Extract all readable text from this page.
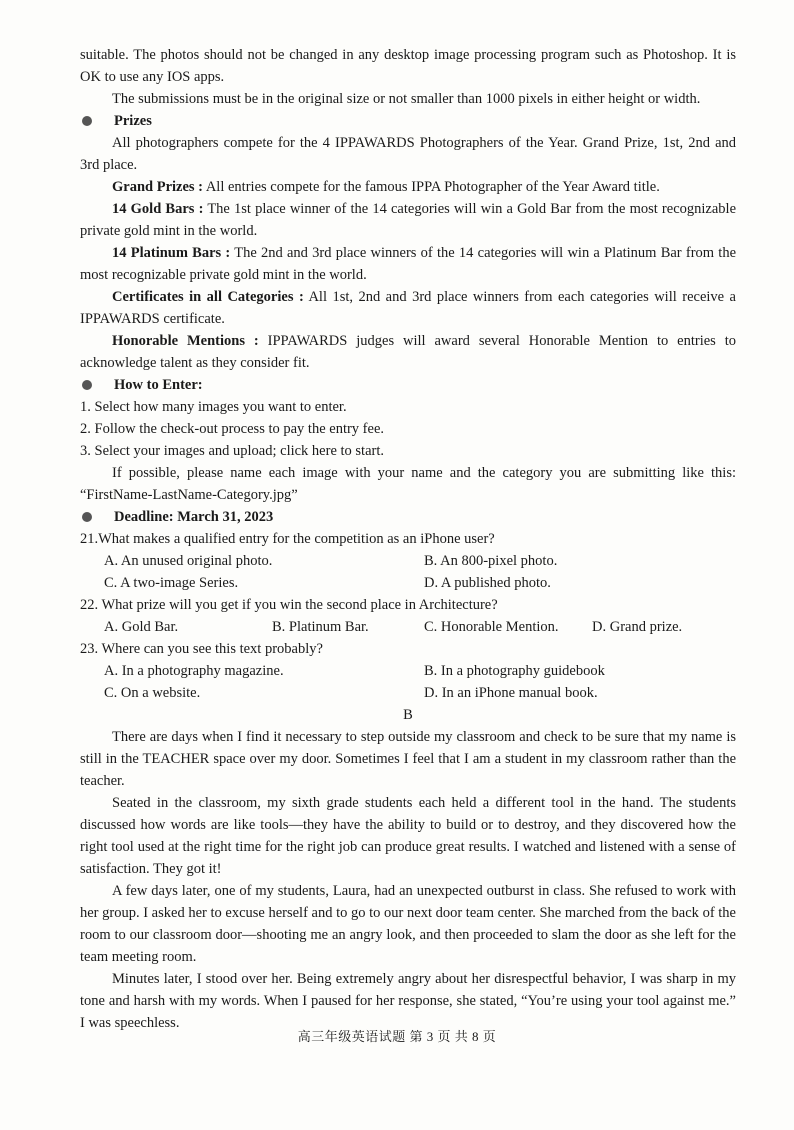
suitable. The photos should not be changed in any desktop image processing program such as Photoshop. It is OK to use any IOS apps.

The submissions must be in the original size or not smaller than 1000 pixels in either height or width.

Prizes

All photographers compete for the 4 IPPAWARDS Photographers of the Year. Grand Prize, 1st, 2nd and 3rd place.

Grand Prizes : All entries compete for the famous IPPA Photographer of the Year Award title.

14 Gold Bars : The 1st place winner of the 14 categories will win a Gold Bar from the most recognizable private gold mint in the world.

14 Platinum Bars : The 2nd and 3rd place winners of the 14 categories will win a Platinum Bar from the most recognizable private gold mint in the world.

Certificates in all Categories : All 1st, 2nd and 3rd place winners from each categories will receive a IPPAWARDS certificate.

Honorable Mentions : IPPAWARDS judges will award several Honorable Mention to entries to acknowledge talent as they consider fit.

How to Enter:

1. Select how many images you want to enter.

2. Follow the check-out process to pay the entry fee.

3. Select your images and upload; click here to start.

If possible, please name each image with your name and the category you are submitting like this: “FirstName-LastName-Category.jpg”

Deadline: March 31, 2023

21.What makes a qualified entry for the competition as an iPhone user?

A. An unused original photo.	B. An 800-pixel photo.
C. A two-image Series.	D. A published photo.

22. What prize will you get if you win the second place in Architecture?

A. Gold Bar.	B. Platinum Bar.	C. Honorable Mention.	D. Grand prize.

23. Where can you see this text probably?

A. In a photography magazine.	B. In a photography guidebook
C. On a website.	D. In an iPhone manual book.

B

There are days when I find it necessary to step outside my classroom and check to be sure that my name is still in the TEACHER space over my door. Sometimes I feel that I am a student in my classroom rather than the teacher.

Seated in the classroom, my sixth grade students each held a different tool in the hand. The students discussed how words are like tools—they have the ability to build or to destroy, and they discovered how the right tool used at the right time for the right job can produce great results. I watched and listened with a sense of satisfaction. They got it!

A few days later, one of my students, Laura, had an unexpected outburst in class. She refused to work with her group. I asked her to excuse herself and to go to our next door team center. She marched from the back of the room to our classroom door—shooting me an angry look, and then proceeded to slam the door as she left for the team meeting room.

Minutes later, I stood over her. Being extremely angry about her disrespectful behavior, I was sharp in my tone and harsh with my words. When I paused for her response, she stated, “You’re using your tool against me.” I was speechless.

高三年级英语试题 第 3 页 共 8 页
